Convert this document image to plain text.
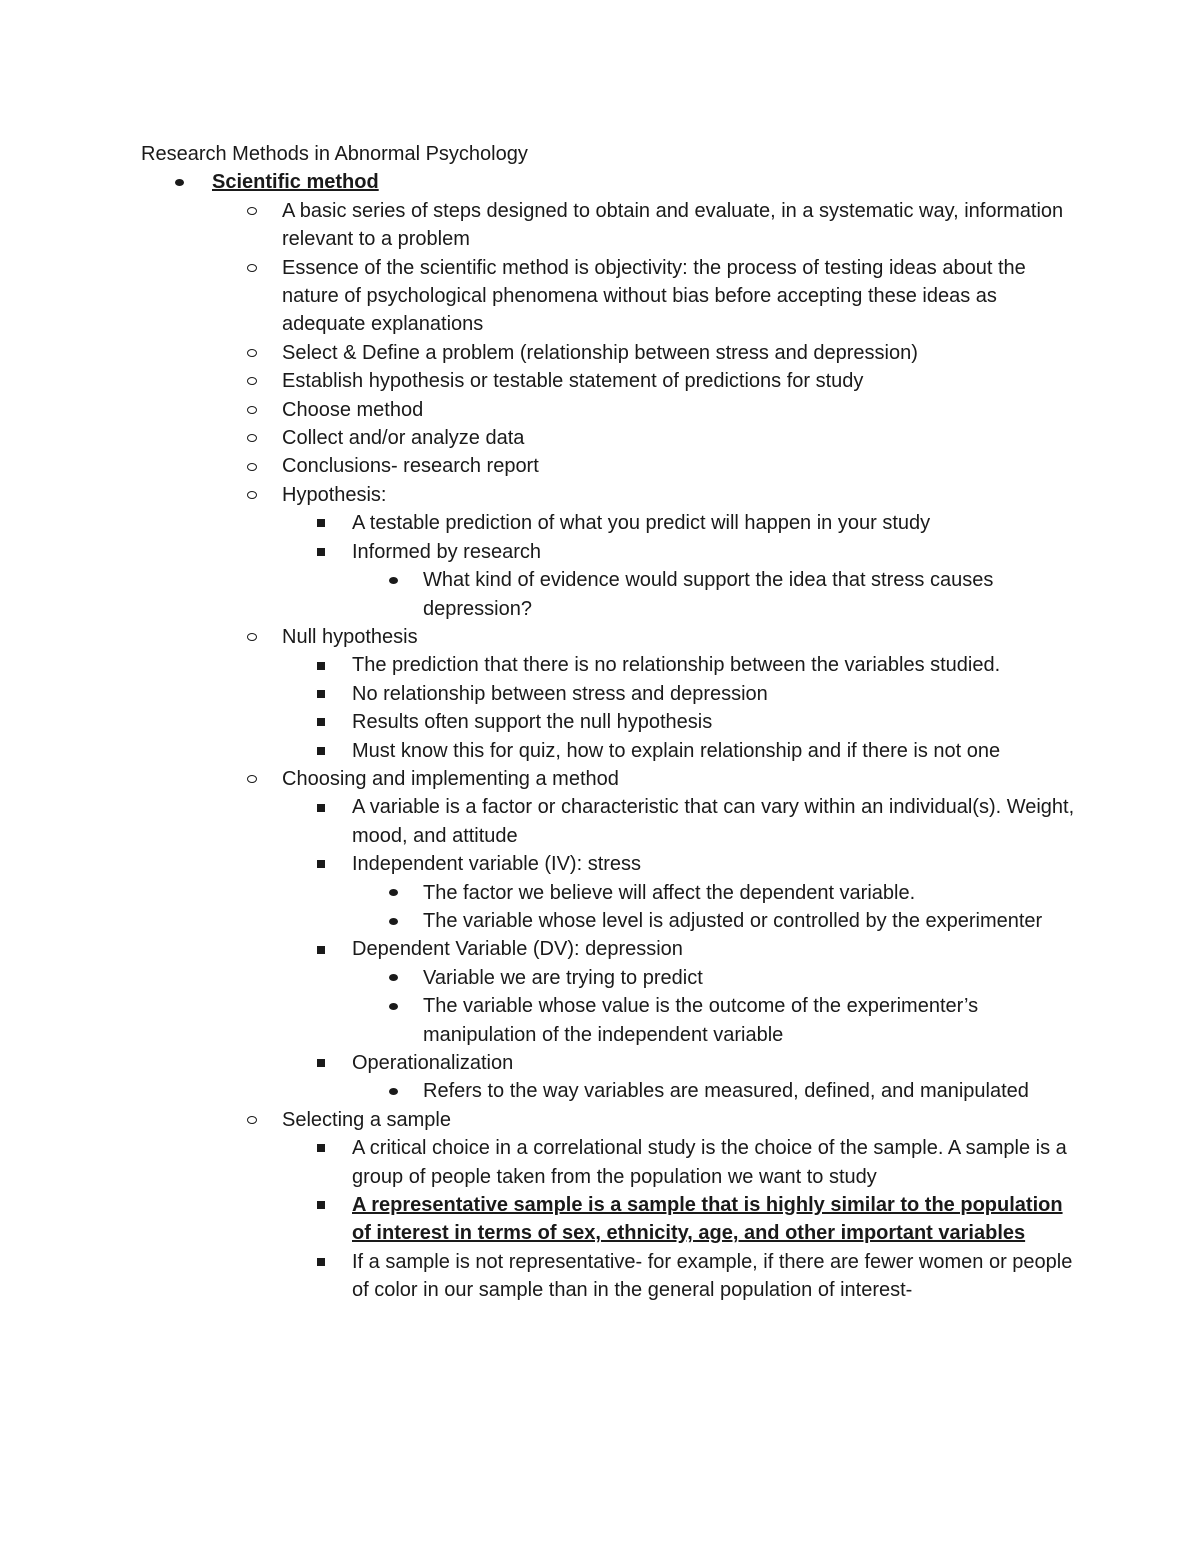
Research Methods in Abnormal Psychology
Scientific method
A basic series of steps designed to obtain and evaluate, in a systematic way, information relevant to a problem
Essence of the scientific method is objectivity: the process of testing ideas about the nature of psychological phenomena without bias before accepting these ideas as adequate explanations
Select & Define a problem (relationship between stress and depression)
Establish hypothesis or testable statement of predictions for study
Choose method
Collect and/or analyze data
Conclusions- research report
Hypothesis:
A testable prediction of what you predict will happen in your study
Informed by research
What kind of evidence would support the idea that stress causes depression?
Null hypothesis
The prediction that there is no relationship between the variables studied.
No relationship between stress and depression
Results often support the null hypothesis
Must know this for quiz, how to explain relationship and if there is not one
Choosing and implementing a method
A variable is a factor or characteristic that can vary within an individual(s). Weight, mood, and attitude
Independent variable (IV): stress
The factor we believe will affect the dependent variable.
The variable whose level is adjusted or controlled by the experimenter
Dependent Variable (DV): depression
Variable we are trying to predict
The variable whose value is the outcome of the experimenter’s manipulation of the independent variable
Operationalization
Refers to the way variables are measured, defined, and manipulated
Selecting a sample
A critical choice in a correlational study is the choice of the sample. A sample is a group of people taken from the population we want to study
A representative sample is a sample that is highly similar to the population of interest in terms of sex, ethnicity, age, and other important variables
If a sample is not representative- for example, if there are fewer women or people of color in our sample than in the general population of interest-
